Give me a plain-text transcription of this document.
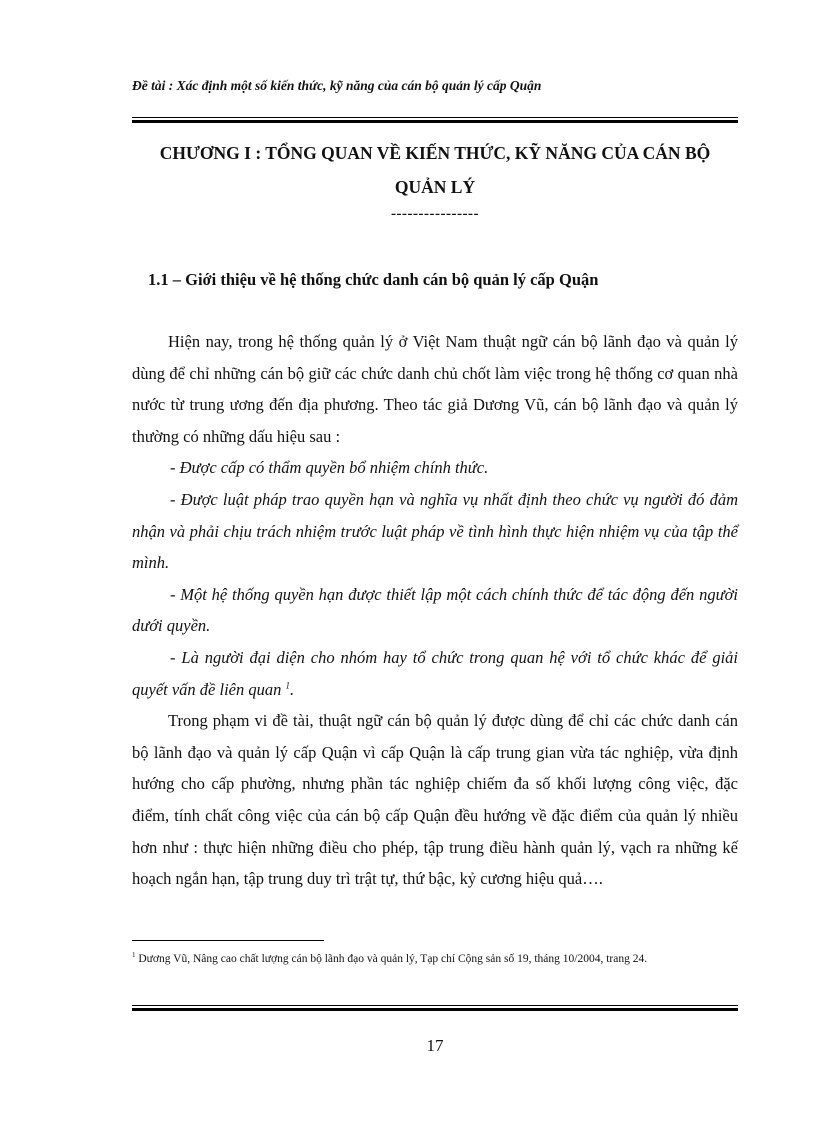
Đề tài : Xác định một số kiến thức, kỹ năng của cán bộ quản lý cấp Quận
CHƯƠNG I : TỔNG QUAN VỀ KIẾN THỨC, KỸ NĂNG CỦA CÁN BỘ
QUẢN LÝ
----------------
1.1 – Giới thiệu về hệ thống chức danh cán bộ quản lý cấp Quận

Hiện nay, trong hệ thống quản lý ở Việt Nam thuật ngữ cán bộ lãnh đạo và quản lý dùng để chỉ những cán bộ giữ các chức danh chủ chốt làm việc trong hệ thống cơ quan nhà nước từ trung ương đến địa phương. Theo tác giả Dương Vũ, cán bộ lãnh đạo và quản lý thường có những dấu hiệu sau :

- Được cấp có thẩm quyền bổ nhiệm chính thức.

- Được luật pháp trao quyền hạn và nghĩa vụ nhất định theo chức vụ người đó đảm nhận và phải chịu trách nhiệm trước luật pháp về tình hình thực hiện nhiệm vụ của tập thể mình.

- Một hệ thống quyền hạn được thiết lập một cách chính thức để tác động đến người dưới quyền.

- Là người đại diện cho nhóm hay tổ chức trong quan hệ với tổ chức khác để giải quyết vấn đề liên quan $^1$.

Trong phạm vi đề tài, thuật ngữ cán bộ quản lý được dùng để chỉ các chức danh cán bộ lãnh đạo và quản lý cấp Quận vì cấp Quận là cấp trung gian vừa tác nghiệp, vừa định hướng cho cấp phường, nhưng phần tác nghiệp chiếm đa số khối lượng công việc, đặc điểm, tính chất công việc của cán bộ cấp Quận đều hướng về đặc điểm của quản lý nhiều hơn như : thực hiện những điều cho phép, tập trung điều hành quản lý, vạch ra những kế hoạch ngắn hạn, tập trung duy trì trật tự, thứ bậc, kỷ cương hiệu quả….

$^1$ Dương Vũ, Nâng cao chất lượng cán bộ lãnh đạo và quản lý, Tạp chí Cộng sản số 19, tháng 10/2004, trang 24.
17
